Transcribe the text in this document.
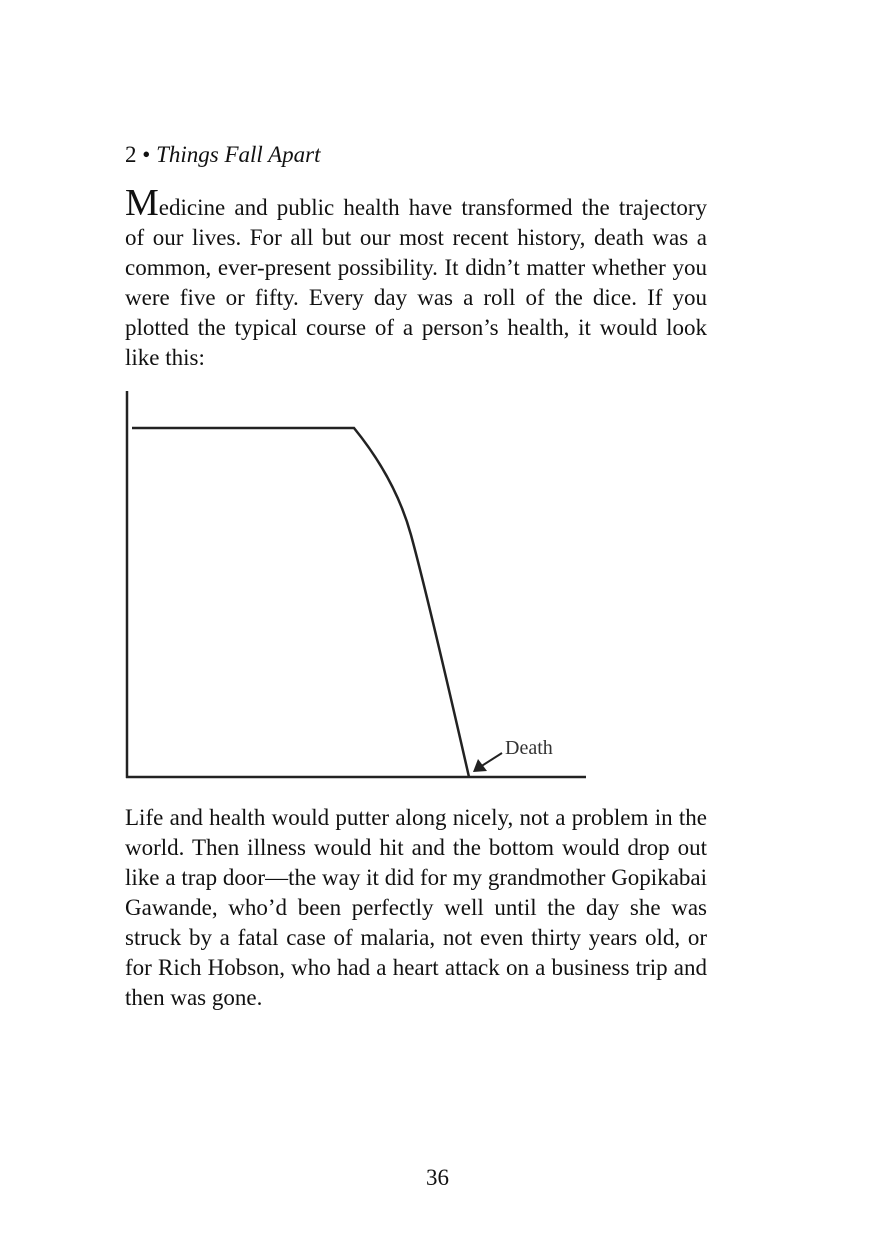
2 • Things Fall Apart

Medicine and public health have transformed the trajectory of our lives. For all but our most recent history, death was a common, ever-present possibility. It didn’t matter whether you were five or fifty. Every day was a roll of the dice. If you plotted the typical course of a person’s health, it would look like this:

Death

Life and health would putter along nicely, not a problem in the world. Then illness would hit and the bottom would drop out like a trap door—the way it did for my grandmother Gopikabai Gawande, who’d been perfectly well until the day she was struck by a fatal case of malaria, not even thirty years old, or for Rich Hobson, who had a heart attack on a business trip and then was gone.

36
